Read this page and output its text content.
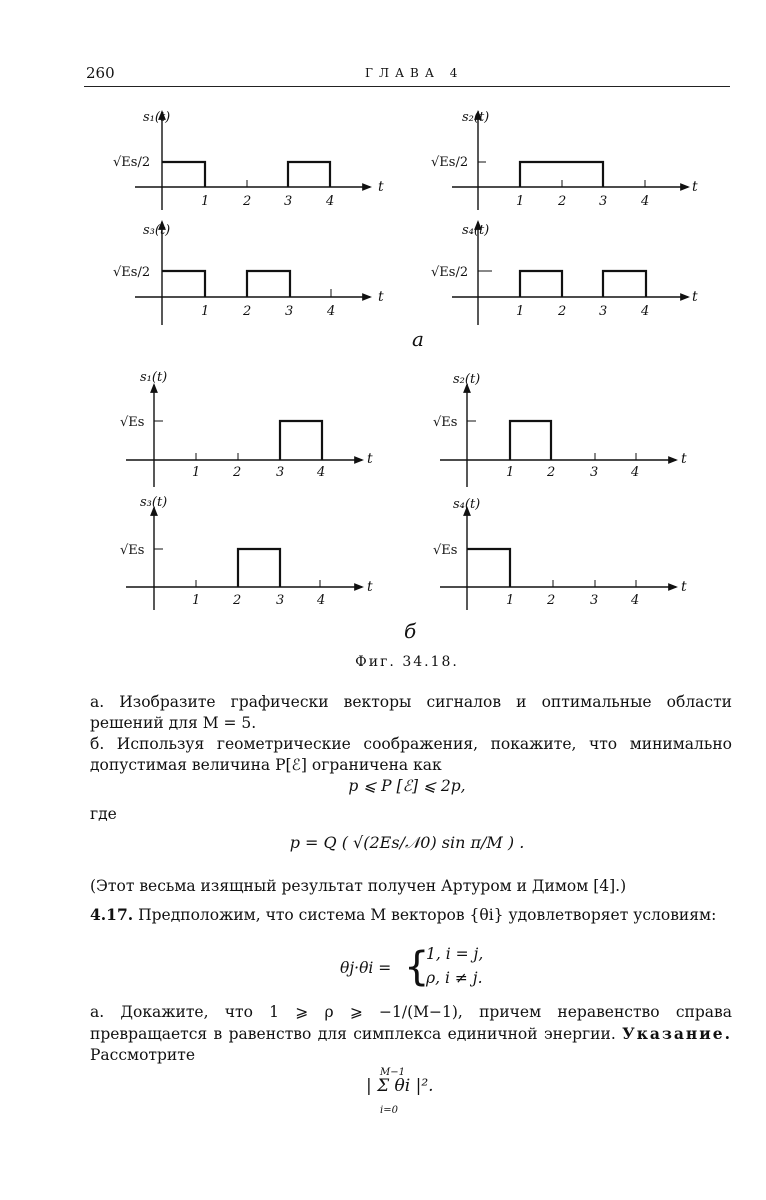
260	ГЛАВА 4
s₁(t)
√Es/2
1	2	3	4
t
s₃(t)
√Es/2
1	2	3	4
t
s₂(t)
√Es/2
1	2	3	4
t
s₄(t)
√Es/2
1	2	3	4
t
a
s₁(t)
√Es
1	2	3	4
t
s₃(t)
√Es
1	2	3	4
t
s₂(t)
√Es
1	2	3	4
t
s₄(t)
√Es
1	2	3	4
t
б
Фиг. 34.18.
а. Изобразите графически векторы сигналов и оптимальные области решений для M = 5.
б. Используя геометрические соображения, покажите, что минимально допустимая величина P[ℰ] ограничена как
p ⩽ P [ℰ] ⩽ 2p,
где
p = Q ( √(2Es/𝒩0) sin π/M ) .
(Этот весьма изящный результат получен Артуром и Димом [4].)
4.17. Предположим, что система M векторов {θi} удовлетворяет условиям:
θj·θi = {
1, i = j,
ρ, i ≠ j.
а. Докажите, что 1 ⩾ ρ ⩾ −1/(M−1), причем неравенство справа превращается в равенство для симплекса единичной энергии. Указание. Рассмотрите
M−1
| Σ θi |².
i=0
